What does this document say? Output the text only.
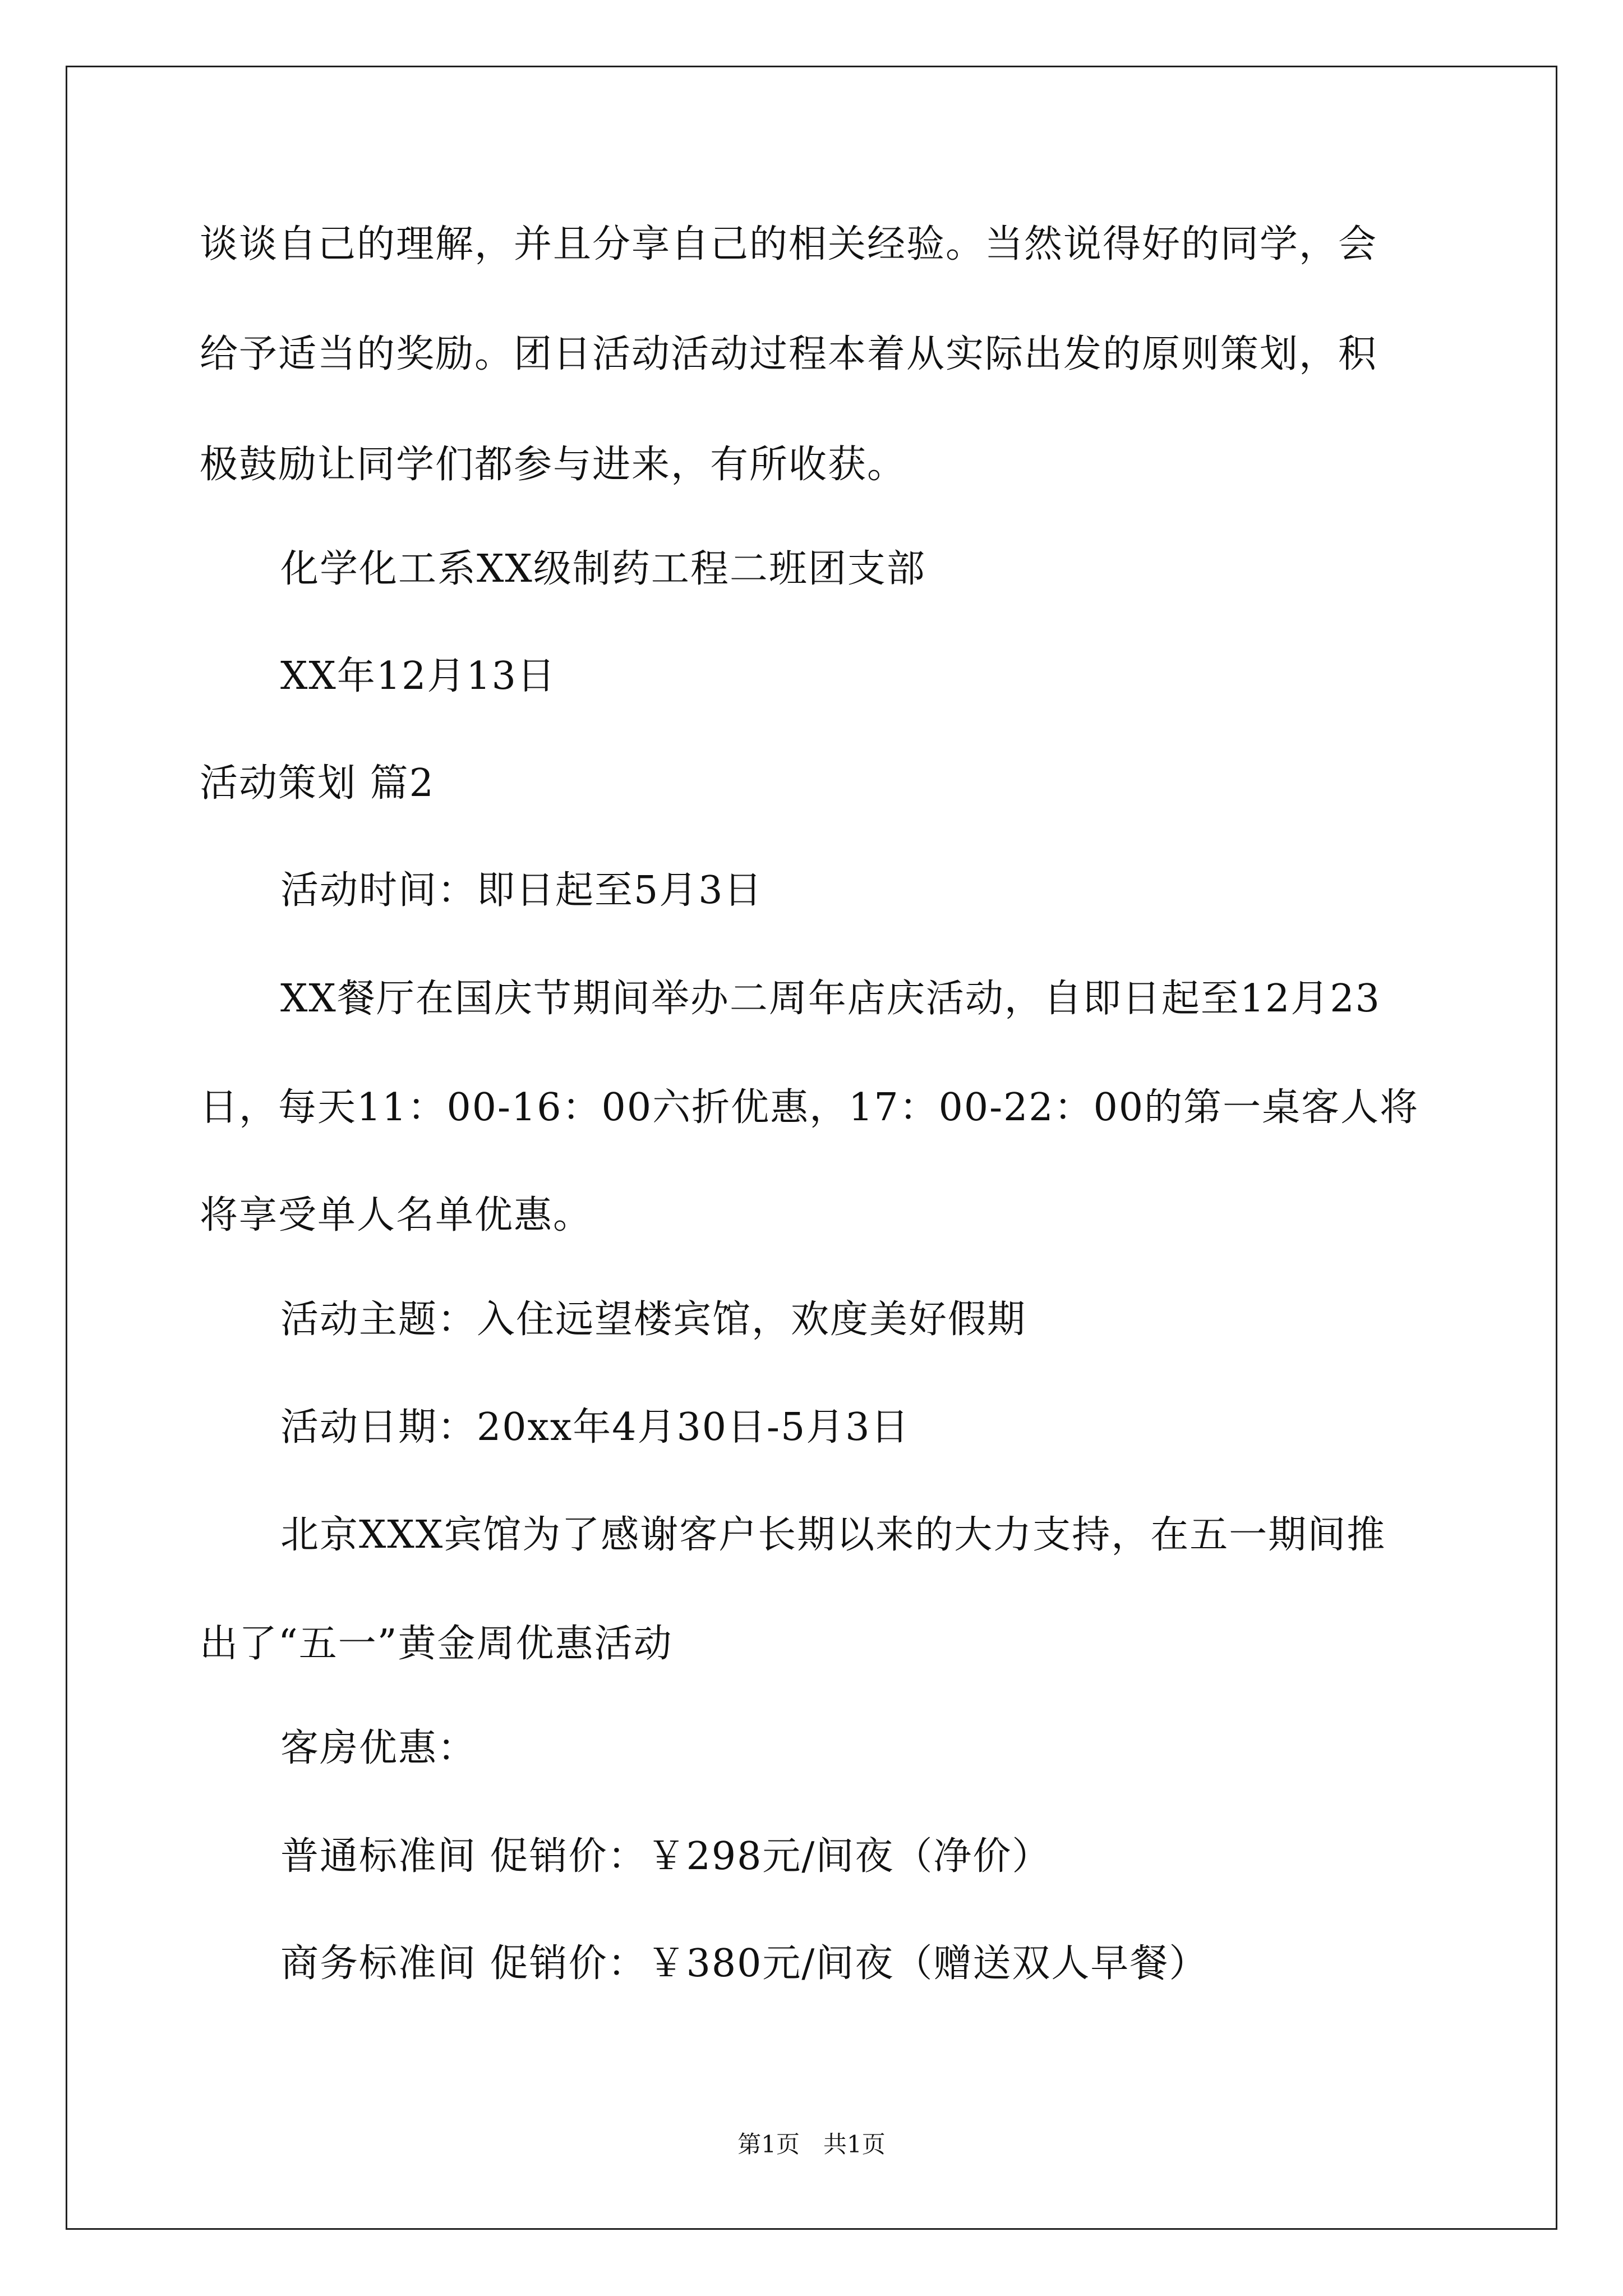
谈谈自己的理解，并且分享自己的相关经验。当然说得好的同学，会
给予适当的奖励。团日活动活动过程本着从实际出发的原则策划，积
极鼓励让同学们都参与进来，有所收获。
化学化工系XX级制药工程二班团支部
XX年12月13日
活动策划 篇2
活动时间：即日起至5月3日
XX餐厅在国庆节期间举办二周年店庆活动，自即日起至12月23
日，每天11：00-16：00六折优惠，17：00-22：00的第一桌客人将
将享受单人名单优惠。
活动主题：入住远望楼宾馆，欢度美好假期
活动日期：20xx年4月30日-5月3日
北京XXX宾馆为了感谢客户长期以来的大力支持，在五一期间推
出了“五一”黄金周优惠活动
客房优惠：
普通标准间 促销价：￥298元/间夜（净价）
商务标准间 促销价：￥380元/间夜（赠送双人早餐）
第1页　共1页
